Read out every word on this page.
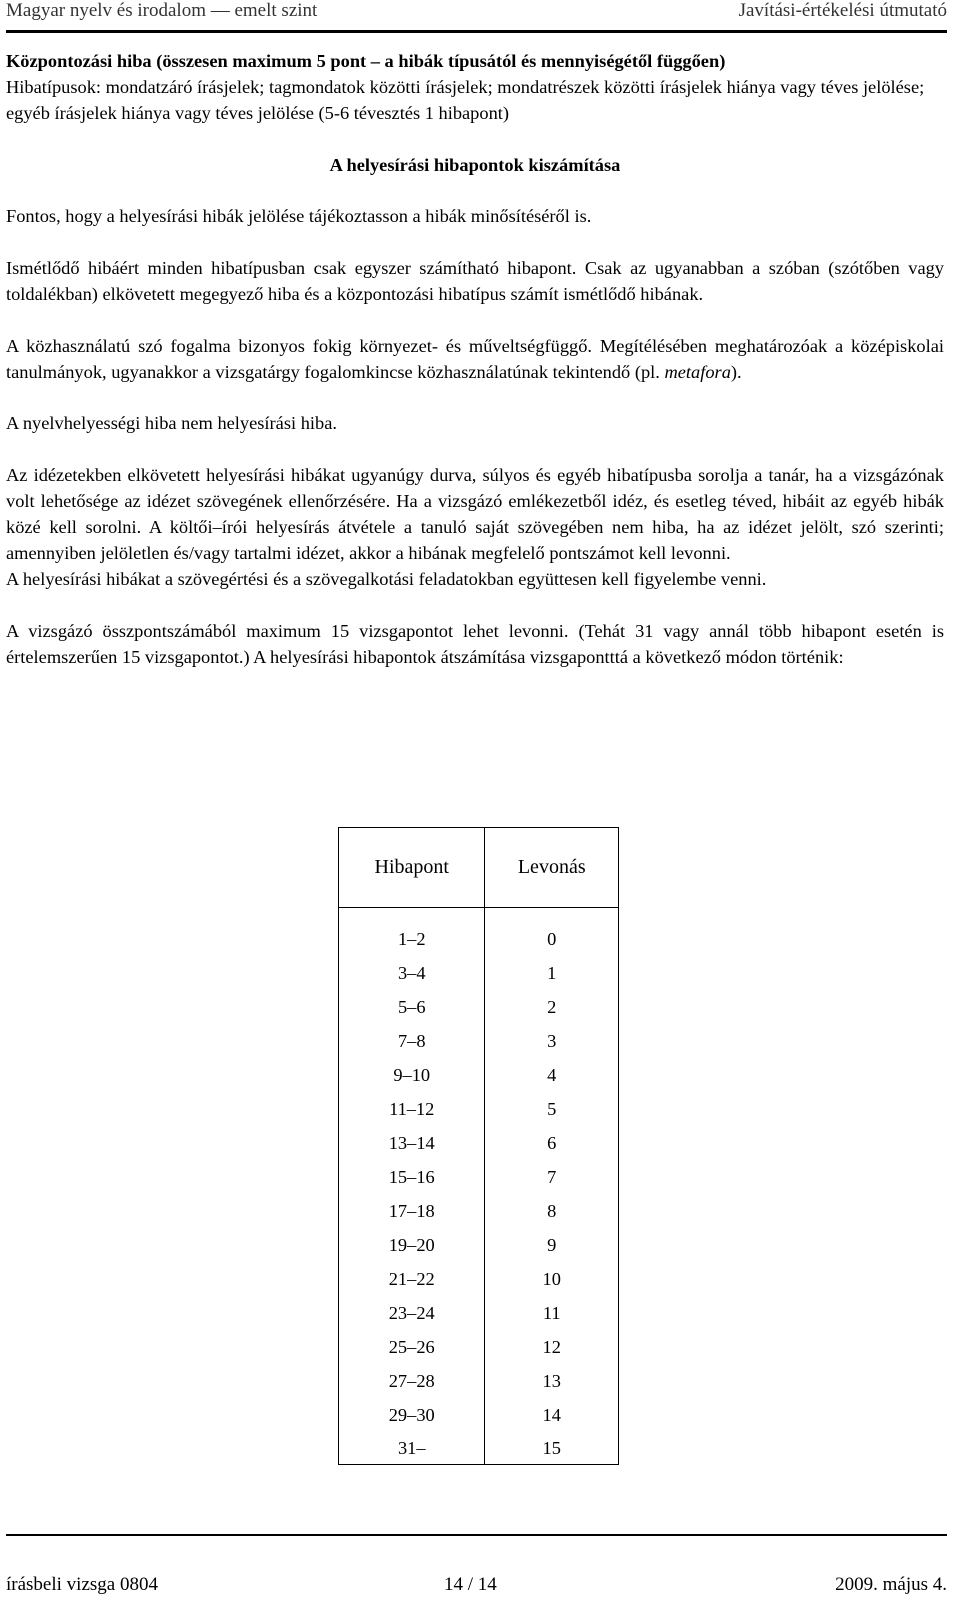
Magyar nyelv és irodalom — emelt szint	Javítási-értékelési útmutató

Központozási hiba (összesen maximum 5 pont – a hibák típusától és mennyiségétől függően)

Hibatípusok: mondatzáró írásjelek; tagmondatok közötti írásjelek; mondatrészek közötti írásjelek hiánya vagy téves jelölése; egyéb írásjelek hiánya vagy téves jelölése (5-6 tévesztés 1 hibapont)

A helyesírási hibapontok kiszámítása

Fontos, hogy a helyesírási hibák jelölése tájékoztasson a hibák minősítéséről is.

Ismétlődő hibáért minden hibatípusban csak egyszer számítható hibapont. Csak az ugyanabban a szóban (szótőben vagy toldalékban) elkövetett megegyező hiba és a központozási hibatípus számít ismétlődő hibának.

A közhasználatú szó fogalma bizonyos fokig környezet- és műveltségfüggő. Megítélésében meghatározóak a középiskolai tanulmányok, ugyanakkor a vizsgatárgy fogalomkincse közhasználatúnak tekintendő (pl. metafora).

A nyelvhelyességi hiba nem helyesírási hiba.

Az idézetekben elkövetett helyesírási hibákat ugyanúgy durva, súlyos és egyéb hibatípusba sorolja a tanár, ha a vizsgázónak volt lehetősége az idézet szövegének ellenőrzésére. Ha a vizsgázó emlékezetből idéz, és esetleg téved, hibáit az egyéb hibák közé kell sorolni. A költői–írói helyesírás átvétele a tanuló saját szövegében nem hiba, ha az idézet jelölt, szó szerinti; amennyiben jelöletlen és/vagy tartalmi idézet, akkor a hibának megfelelő pontszámot kell levonni.

A helyesírási hibákat a szövegértési és a szövegalkotási feladatokban együttesen kell figyelembe venni.

A vizsgázó összpontszámából maximum 15 vizsgapontot lehet levonni. (Tehát 31 vagy annál több hibapont esetén is értelemszerűen 15 vizsgapontot.) A helyesírási hibapontok átszámítása vizsgapontttá a következő módon történik:

Hibapont	Levonás

1–2	0
3–4	1
5–6	2
7–8	3
9–10	4
11–12	5
13–14	6
15–16	7
17–18	8
19–20	9
21–22	10
23–24	11
25–26	12
27–28	13
29–30	14
31–	15
írásbeli vizsga 0804	14 / 14	2009. május 4.
